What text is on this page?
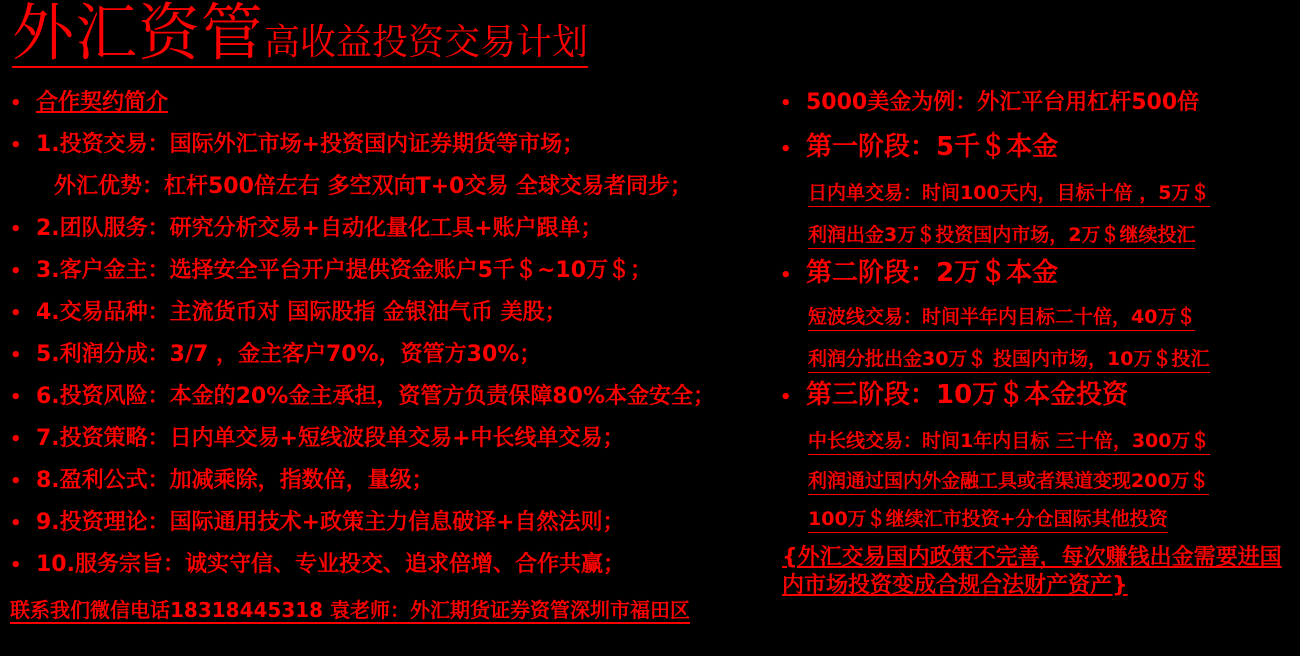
外汇资管高收益投资交易计划
• 合作契约简介
• 1.投资交易：国际外汇市场+投资国内证券期货等市场；
外汇优势：杠杆500倍左右 多空双向T+0交易 全球交易者同步；
• 2.团队服务：研究分析交易+自动化量化工具+账户跟单；
• 3.客户金主：选择安全平台开户提供资金账户5千＄~10万＄；
• 4.交易品种：主流货币对 国际股指 金银油气币 美股；
• 5.利润分成：3/7 ，金主客户70%，资管方30%；
• 6.投资风险：本金的20%金主承担，资管方负责保障80%本金安全；
• 7.投资策略：日内单交易+短线波段单交易+中长线单交易；
• 8.盈利公式：加减乘除，指数倍，量级；
• 9.投资理论：国际通用技术+政策主力信息破译+自然法则；
• 10.服务宗旨：诚实守信、专业投交、追求倍增、合作共赢；
• 5000美金为例：外汇平台用杠杆500倍
• 第一阶段：5千＄本金
日内单交易：时间100天内，目标十倍 ，5万＄
利润出金3万＄投资国内市场，2万＄继续投汇
• 第二阶段：2万＄本金
短波线交易：时间半年内目标二十倍，40万＄
利润分批出金30万＄ 投国内市场，10万＄投汇
• 第三阶段：10万＄本金投资
中长线交易：时间1年内目标 三十倍，300万＄
利润通过国内外金融工具或者渠道变现200万＄
100万＄继续汇市投资+分仓国际其他投资
联系我们微信电话18318445318 袁老师：外汇期货证券资管深圳市福田区
{外汇交易国内政策不完善，每次赚钱出金需要进国内市场投资变成合规合法财产资产}
